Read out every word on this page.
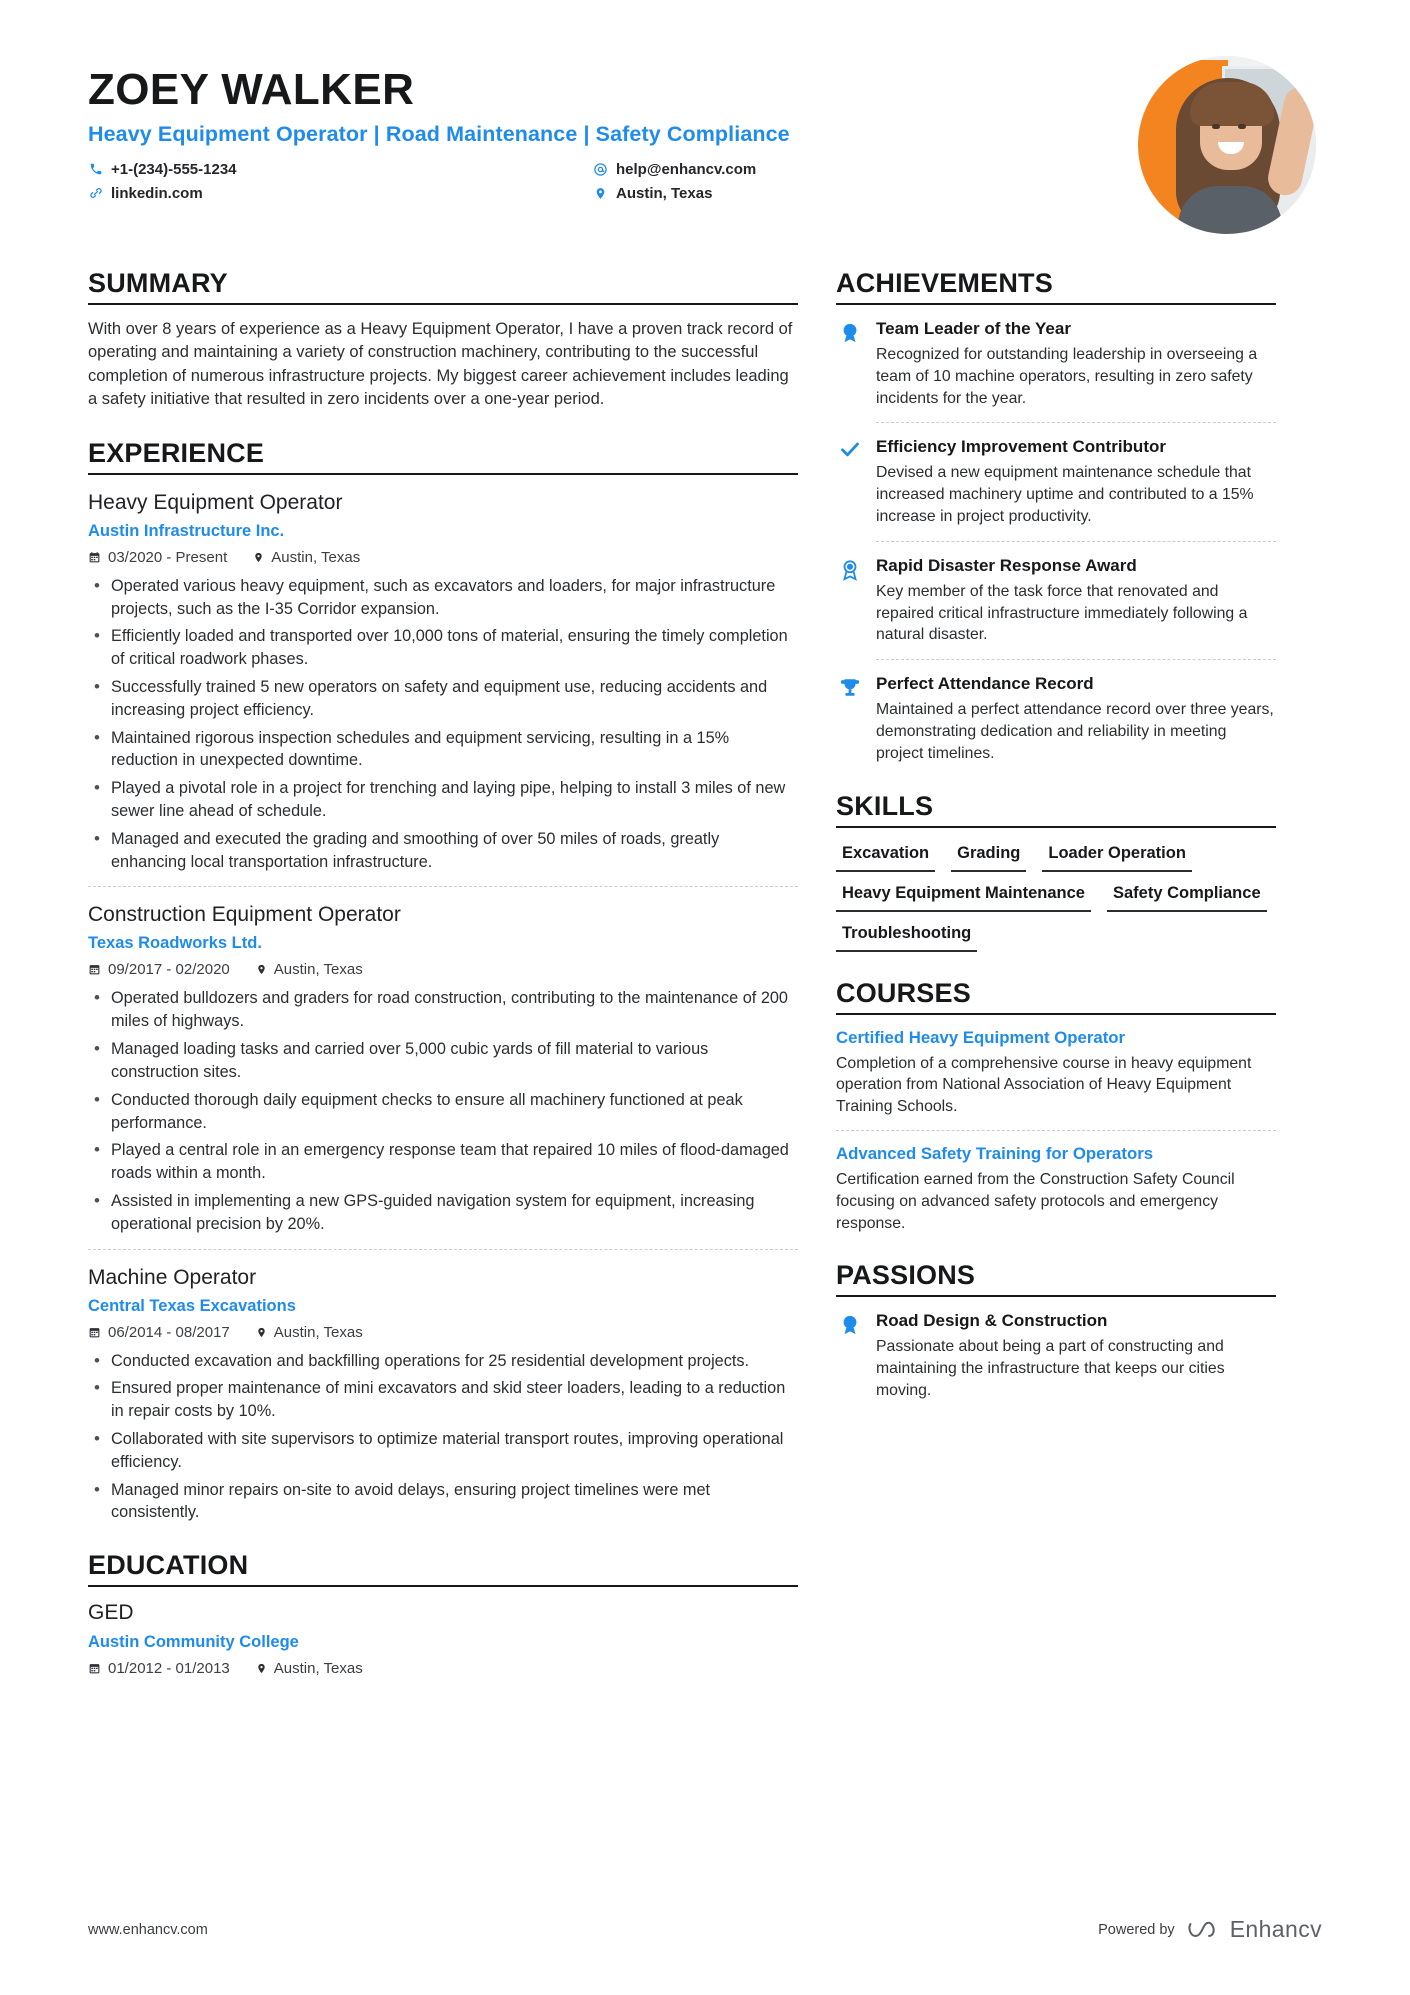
ZOEY WALKER
Heavy Equipment Operator | Road Maintenance | Safety Compliance
+1-(234)-555-1234	help@enhancv.com
linkedin.com	Austin, Texas
SUMMARY
With over 8 years of experience as a Heavy Equipment Operator, I have a proven track record of operating and maintaining a variety of construction machinery, contributing to the successful completion of numerous infrastructure projects. My biggest career achievement includes leading a safety initiative that resulted in zero incidents over a one-year period.
EXPERIENCE
Heavy Equipment Operator
Austin Infrastructure Inc.
03/2020 - Present	Austin, Texas
• Operated various heavy equipment, such as excavators and loaders, for major infrastructure projects, such as the I-35 Corridor expansion.
• Efficiently loaded and transported over 10,000 tons of material, ensuring the timely completion of critical roadwork phases.
• Successfully trained 5 new operators on safety and equipment use, reducing accidents and increasing project efficiency.
• Maintained rigorous inspection schedules and equipment servicing, resulting in a 15% reduction in unexpected downtime.
• Played a pivotal role in a project for trenching and laying pipe, helping to install 3 miles of new sewer line ahead of schedule.
• Managed and executed the grading and smoothing of over 50 miles of roads, greatly enhancing local transportation infrastructure.
Construction Equipment Operator
Texas Roadworks Ltd.
09/2017 - 02/2020	Austin, Texas
• Operated bulldozers and graders for road construction, contributing to the maintenance of 200 miles of highways.
• Managed loading tasks and carried over 5,000 cubic yards of fill material to various construction sites.
• Conducted thorough daily equipment checks to ensure all machinery functioned at peak performance.
• Played a central role in an emergency response team that repaired 10 miles of flood-damaged roads within a month.
• Assisted in implementing a new GPS-guided navigation system for equipment, increasing operational precision by 20%.
Machine Operator
Central Texas Excavations
06/2014 - 08/2017	Austin, Texas
• Conducted excavation and backfilling operations for 25 residential development projects.
• Ensured proper maintenance of mini excavators and skid steer loaders, leading to a reduction in repair costs by 10%.
• Collaborated with site supervisors to optimize material transport routes, improving operational efficiency.
• Managed minor repairs on-site to avoid delays, ensuring project timelines were met consistently.
EDUCATION
GED
Austin Community College
01/2012 - 01/2013	Austin, Texas
ACHIEVEMENTS
Team Leader of the Year
Recognized for outstanding leadership in overseeing a team of 10 machine operators, resulting in zero safety incidents for the year.
Efficiency Improvement Contributor
Devised a new equipment maintenance schedule that increased machinery uptime and contributed to a 15% increase in project productivity.
Rapid Disaster Response Award
Key member of the task force that renovated and repaired critical infrastructure immediately following a natural disaster.
Perfect Attendance Record
Maintained a perfect attendance record over three years, demonstrating dedication and reliability in meeting project timelines.
SKILLS
Excavation	Grading	Loader Operation
Heavy Equipment Maintenance	Safety Compliance
Troubleshooting
COURSES
Certified Heavy Equipment Operator
Completion of a comprehensive course in heavy equipment operation from National Association of Heavy Equipment Training Schools.
Advanced Safety Training for Operators
Certification earned from the Construction Safety Council focusing on advanced safety protocols and emergency response.
PASSIONS
Road Design & Construction
Passionate about being a part of constructing and maintaining the infrastructure that keeps our cities moving.
www.enhancv.com	Powered by Enhancv
